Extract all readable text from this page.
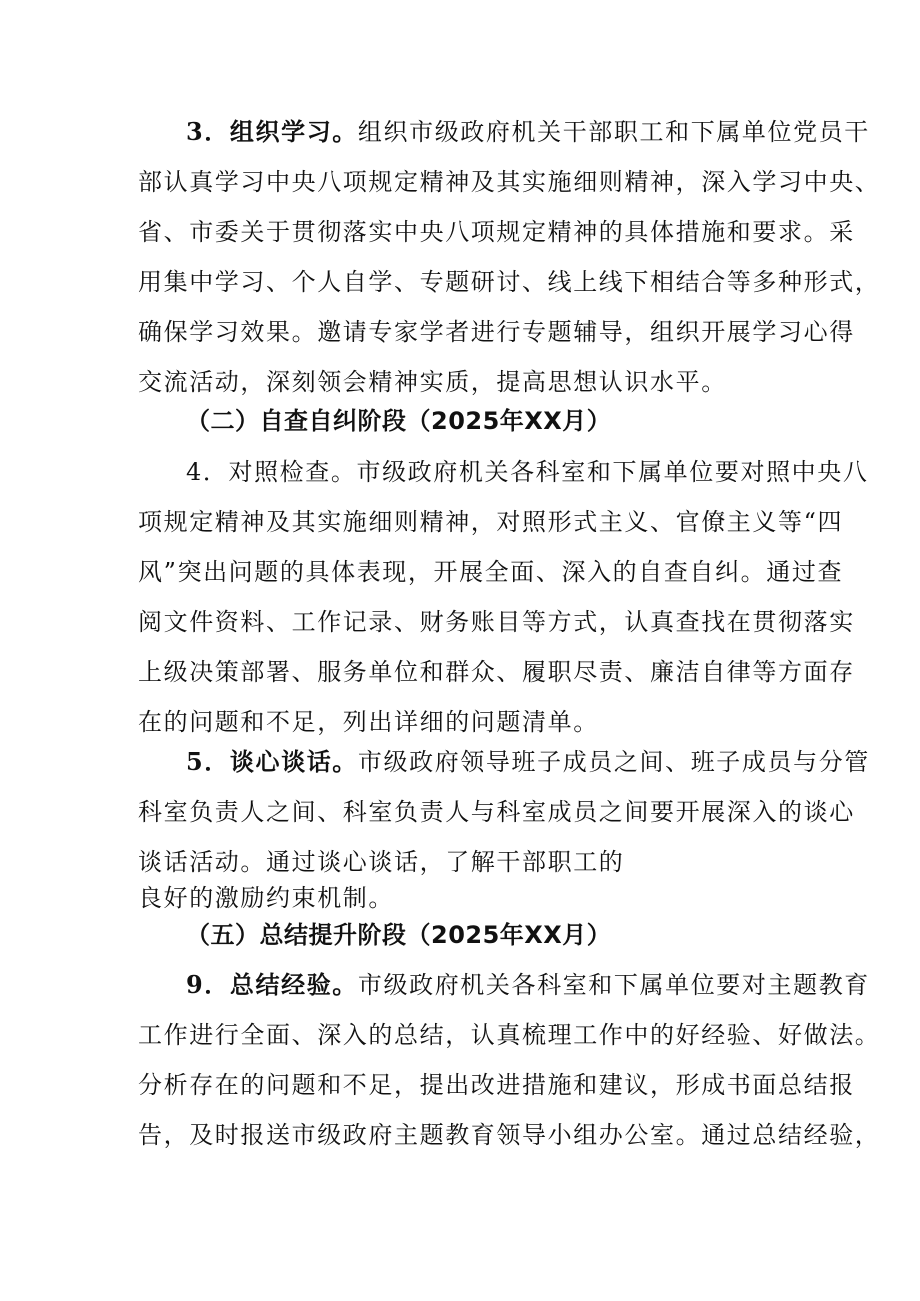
3．组织学习。组织市级政府机关干部职工和下属单位党员干
部认真学习中央八项规定精神及其实施细则精神，深入学习中央、
省、市委关于贯彻落实中央八项规定精神的具体措施和要求。采
用集中学习、个人自学、专题研讨、线上线下相结合等多种形式，
确保学习效果。邀请专家学者进行专题辅导，组织开展学习心得
交流活动，深刻领会精神实质，提高思想认识水平。
（二）自查自纠阶段（2025年XX月）
4．对照检查。市级政府机关各科室和下属单位要对照中央八
项规定精神及其实施细则精神，对照形式主义、官僚主义等“四
风”突出问题的具体表现，开展全面、深入的自查自纠。通过查
阅文件资料、工作记录、财务账目等方式，认真查找在贯彻落实
上级决策部署、服务单位和群众、履职尽责、廉洁自律等方面存
在的问题和不足，列出详细的问题清单。
5．谈心谈话。市级政府领导班子成员之间、班子成员与分管
科室负责人之间、科室负责人与科室成员之间要开展深入的谈心
谈话活动。通过谈心谈话，了解干部职工的
良好的激励约束机制。
（五）总结提升阶段（2025年XX月）
9．总结经验。市级政府机关各科室和下属单位要对主题教育
工作进行全面、深入的总结，认真梳理工作中的好经验、好做法。
分析存在的问题和不足，提出改进措施和建议，形成书面总结报
告，及时报送市级政府主题教育领导小组办公室。通过总结经验，
